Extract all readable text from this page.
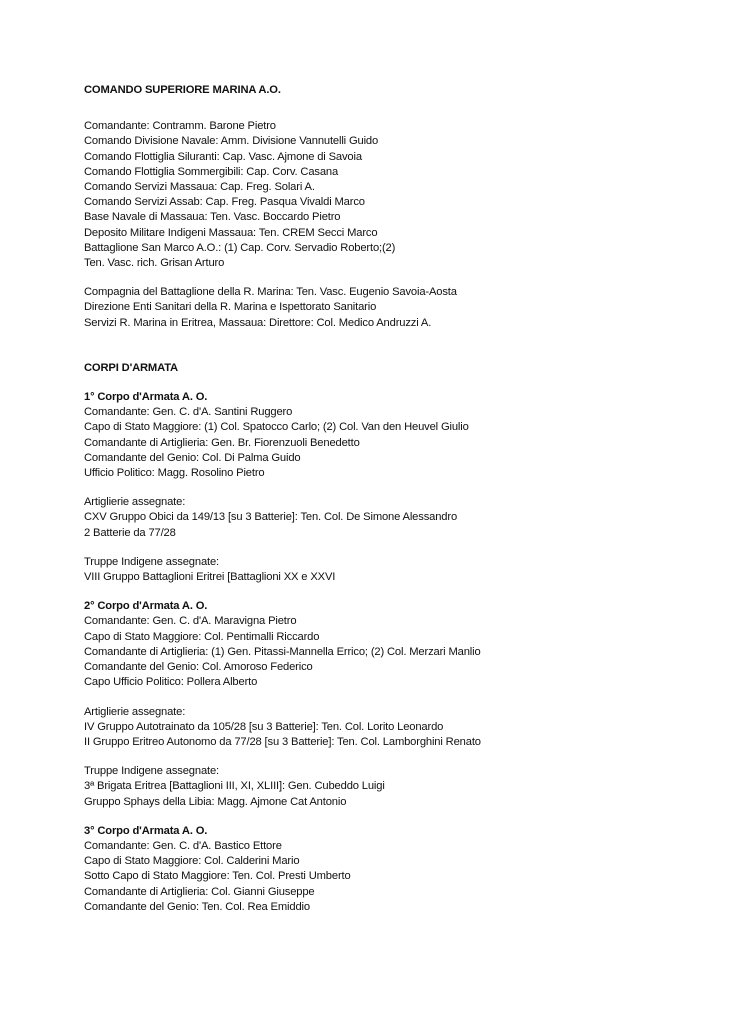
COMANDO SUPERIORE MARINA A.O.
Comandante: Contramm. Barone Pietro
Comando Divisione Navale: Amm. Divisione Vannutelli Guido
Comando Flottiglia Siluranti: Cap. Vasc. Ajmone di Savoia
Comando Flottiglia Sommergibili: Cap. Corv. Casana
Comando Servizi Massaua: Cap. Freg. Solari A.
Comando Servizi Assab: Cap. Freg. Pasqua Vivaldi Marco
Base Navale di Massaua: Ten. Vasc. Boccardo Pietro
Deposito Militare Indigeni Massaua: Ten. CREM Secci Marco
Battaglione San Marco A.O.: (1) Cap. Corv. Servadio Roberto;(2)
Ten. Vasc. rich. Grisan Arturo
Compagnia del Battaglione della R. Marina: Ten. Vasc. Eugenio Savoia-Aosta
Direzione Enti Sanitari della R. Marina e Ispettorato Sanitario
Servizi R. Marina in Eritrea, Massaua: Direttore: Col. Medico Andruzzi A.
CORPI D'ARMATA
1° Corpo d'Armata A. O.
Comandante: Gen. C. d'A. Santini Ruggero
Capo di Stato Maggiore: (1) Col. Spatocco Carlo; (2) Col. Van den Heuvel Giulio
Comandante di Artiglieria: Gen. Br. Fiorenzuoli Benedetto
Comandante del Genio: Col. Di Palma Guido
Ufficio Politico: Magg. Rosolino Pietro
Artiglierie assegnate:
CXV Gruppo Obici da 149/13 [su 3 Batterie]: Ten. Col. De Simone Alessandro
2 Batterie da 77/28
Truppe Indigene assegnate:
VIII Gruppo Battaglioni Eritrei [Battaglioni XX e XXVI
2° Corpo d'Armata A. O.
Comandante: Gen. C. d'A. Maravigna Pietro
Capo di Stato Maggiore: Col. Pentimalli Riccardo
Comandante di Artiglieria: (1) Gen. Pitassi-Mannella Errico; (2) Col. Merzari Manlio
Comandante del Genio: Col. Amoroso Federico
Capo Ufficio Politico: Pollera Alberto
Artiglierie assegnate:
IV Gruppo Autotrainato da 105/28 [su 3 Batterie]: Ten. Col. Lorito Leonardo
II Gruppo Eritreo Autonomo da 77/28 [su 3 Batterie]: Ten. Col. Lamborghini Renato
Truppe Indigene assegnate:
3ª Brigata Eritrea [Battaglioni III, XI, XLIII]: Gen. Cubeddo Luigi
Gruppo Sphays della Libia: Magg. Ajmone Cat Antonio
3° Corpo d'Armata A. O.
Comandante: Gen. C. d'A. Bastico Ettore
Capo di Stato Maggiore: Col. Calderini Mario
Sotto Capo di Stato Maggiore: Ten. Col. Presti Umberto
Comandante di Artiglieria: Col. Gianni Giuseppe
Comandante del Genio: Ten. Col. Rea Emiddio
